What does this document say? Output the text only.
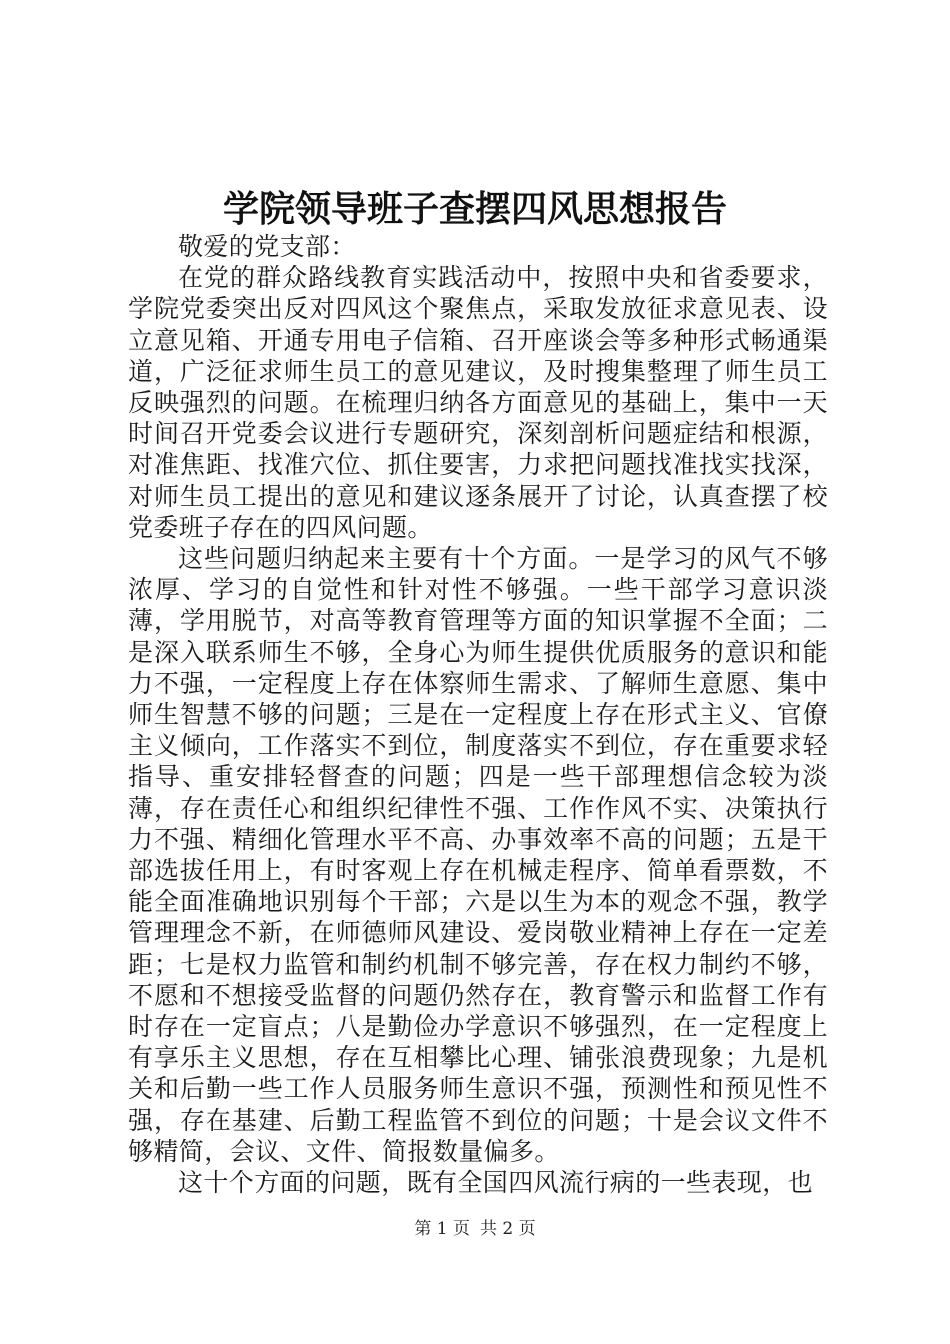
学院领导班子查摆四风思想报告

敬爱的党支部：

在党的群众路线教育实践活动中，按照中央和省委要求，学院党委突出反对四风这个聚焦点，采取发放征求意见表、设立意见箱、开通专用电子信箱、召开座谈会等多种形式畅通渠道，广泛征求师生员工的意见建议，及时搜集整理了师生员工反映强烈的问题。在梳理归纳各方面意见的基础上，集中一天时间召开党委会议进行专题研究，深刻剖析问题症结和根源，对准焦距、找准穴位、抓住要害，力求把问题找准找实找深，对师生员工提出的意见和建议逐条展开了讨论，认真查摆了校党委班子存在的四风问题。

这些问题归纳起来主要有十个方面。一是学习的风气不够浓厚、学习的自觉性和针对性不够强。一些干部学习意识淡薄，学用脱节，对高等教育管理等方面的知识掌握不全面；二是深入联系师生不够，全身心为师生提供优质服务的意识和能力不强，一定程度上存在体察师生需求、了解师生意愿、集中师生智慧不够的问题；三是在一定程度上存在形式主义、官僚主义倾向，工作落实不到位，制度落实不到位，存在重要求轻指导、重安排轻督查的问题；四是一些干部理想信念较为淡薄，存在责任心和组织纪律性不强、工作作风不实、决策执行力不强、精细化管理水平不高、办事效率不高的问题；五是干部选拔任用上，有时客观上存在机械走程序、简单看票数，不能全面准确地识别每个干部；六是以生为本的观念不强，教学管理理念不新，在师德师风建设、爱岗敬业精神上存在一定差距；七是权力监管和制约机制不够完善，存在权力制约不够，不愿和不想接受监督的问题仍然存在，教育警示和监督工作有时存在一定盲点；八是勤俭办学意识不够强烈，在一定程度上有享乐主义思想，存在互相攀比心理、铺张浪费现象；九是机关和后勤一些工作人员服务师生意识不强，预测性和预见性不强，存在基建、后勤工程监管不到位的问题；十是会议文件不够精简，会议、文件、简报数量偏多。

这十个方面的问题，既有全国四风流行病的一些表现，也

第 1 页 共 2 页
